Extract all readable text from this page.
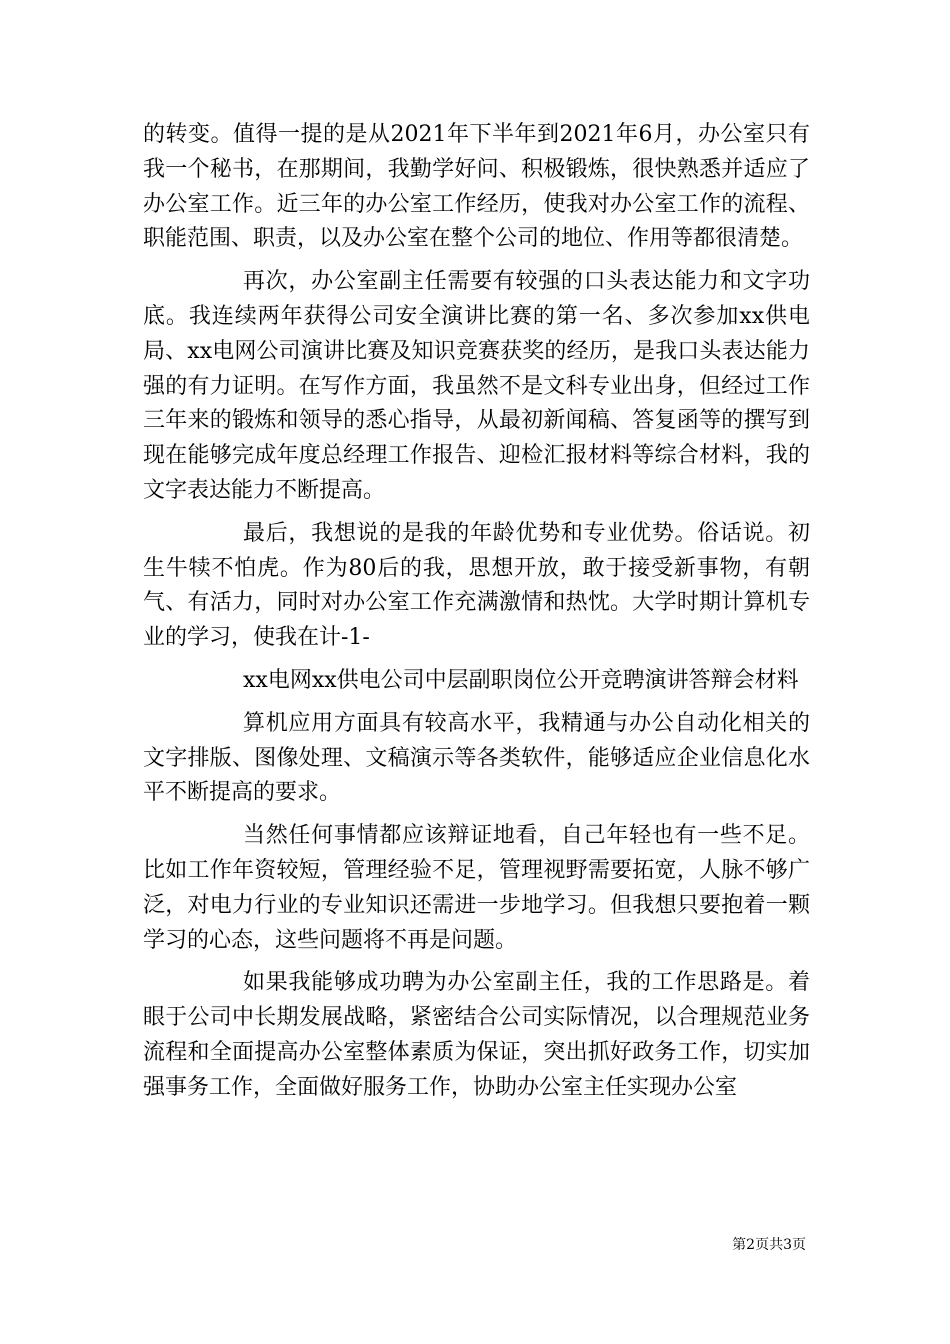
的转变。值得一提的是从2021年下半年到2021年6月，办公室只有我一个秘书，在那期间，我勤学好问、积极锻炼，很快熟悉并适应了办公室工作。近三年的办公室工作经历，使我对办公室工作的流程、职能范围、职责，以及办公室在整个公司的地位、作用等都很清楚。

再次，办公室副主任需要有较强的口头表达能力和文字功底。我连续两年获得公司安全演讲比赛的第一名、多次参加xx供电局、xx电网公司演讲比赛及知识竞赛获奖的经历，是我口头表达能力强的有力证明。在写作方面，我虽然不是文科专业出身，但经过工作三年来的锻炼和领导的悉心指导，从最初新闻稿、答复函等的撰写到现在能够完成年度总经理工作报告、迎检汇报材料等综合材料，我的文字表达能力不断提高。

最后，我想说的是我的年龄优势和专业优势。俗话说。初生牛犊不怕虎。作为80后的我，思想开放，敢于接受新事物，有朝气、有活力，同时对办公室工作充满激情和热忱。大学时期计算机专业的学习，使我在计-1-

xx电网xx供电公司中层副职岗位公开竞聘演讲答辩会材料

算机应用方面具有较高水平，我精通与办公自动化相关的文字排版、图像处理、文稿演示等各类软件，能够适应企业信息化水平不断提高的要求。

当然任何事情都应该辩证地看，自己年轻也有一些不足。比如工作年资较短，管理经验不足，管理视野需要拓宽，人脉不够广泛，对电力行业的专业知识还需进一步地学习。但我想只要抱着一颗学习的心态，这些问题将不再是问题。

如果我能够成功聘为办公室副主任，我的工作思路是。着眼于公司中长期发展战略，紧密结合公司实际情况，以合理规范业务流程和全面提高办公室整体素质为保证，突出抓好政务工作，切实加强事务工作，全面做好服务工作，协助办公室主任实现办公室

第2页共3页
